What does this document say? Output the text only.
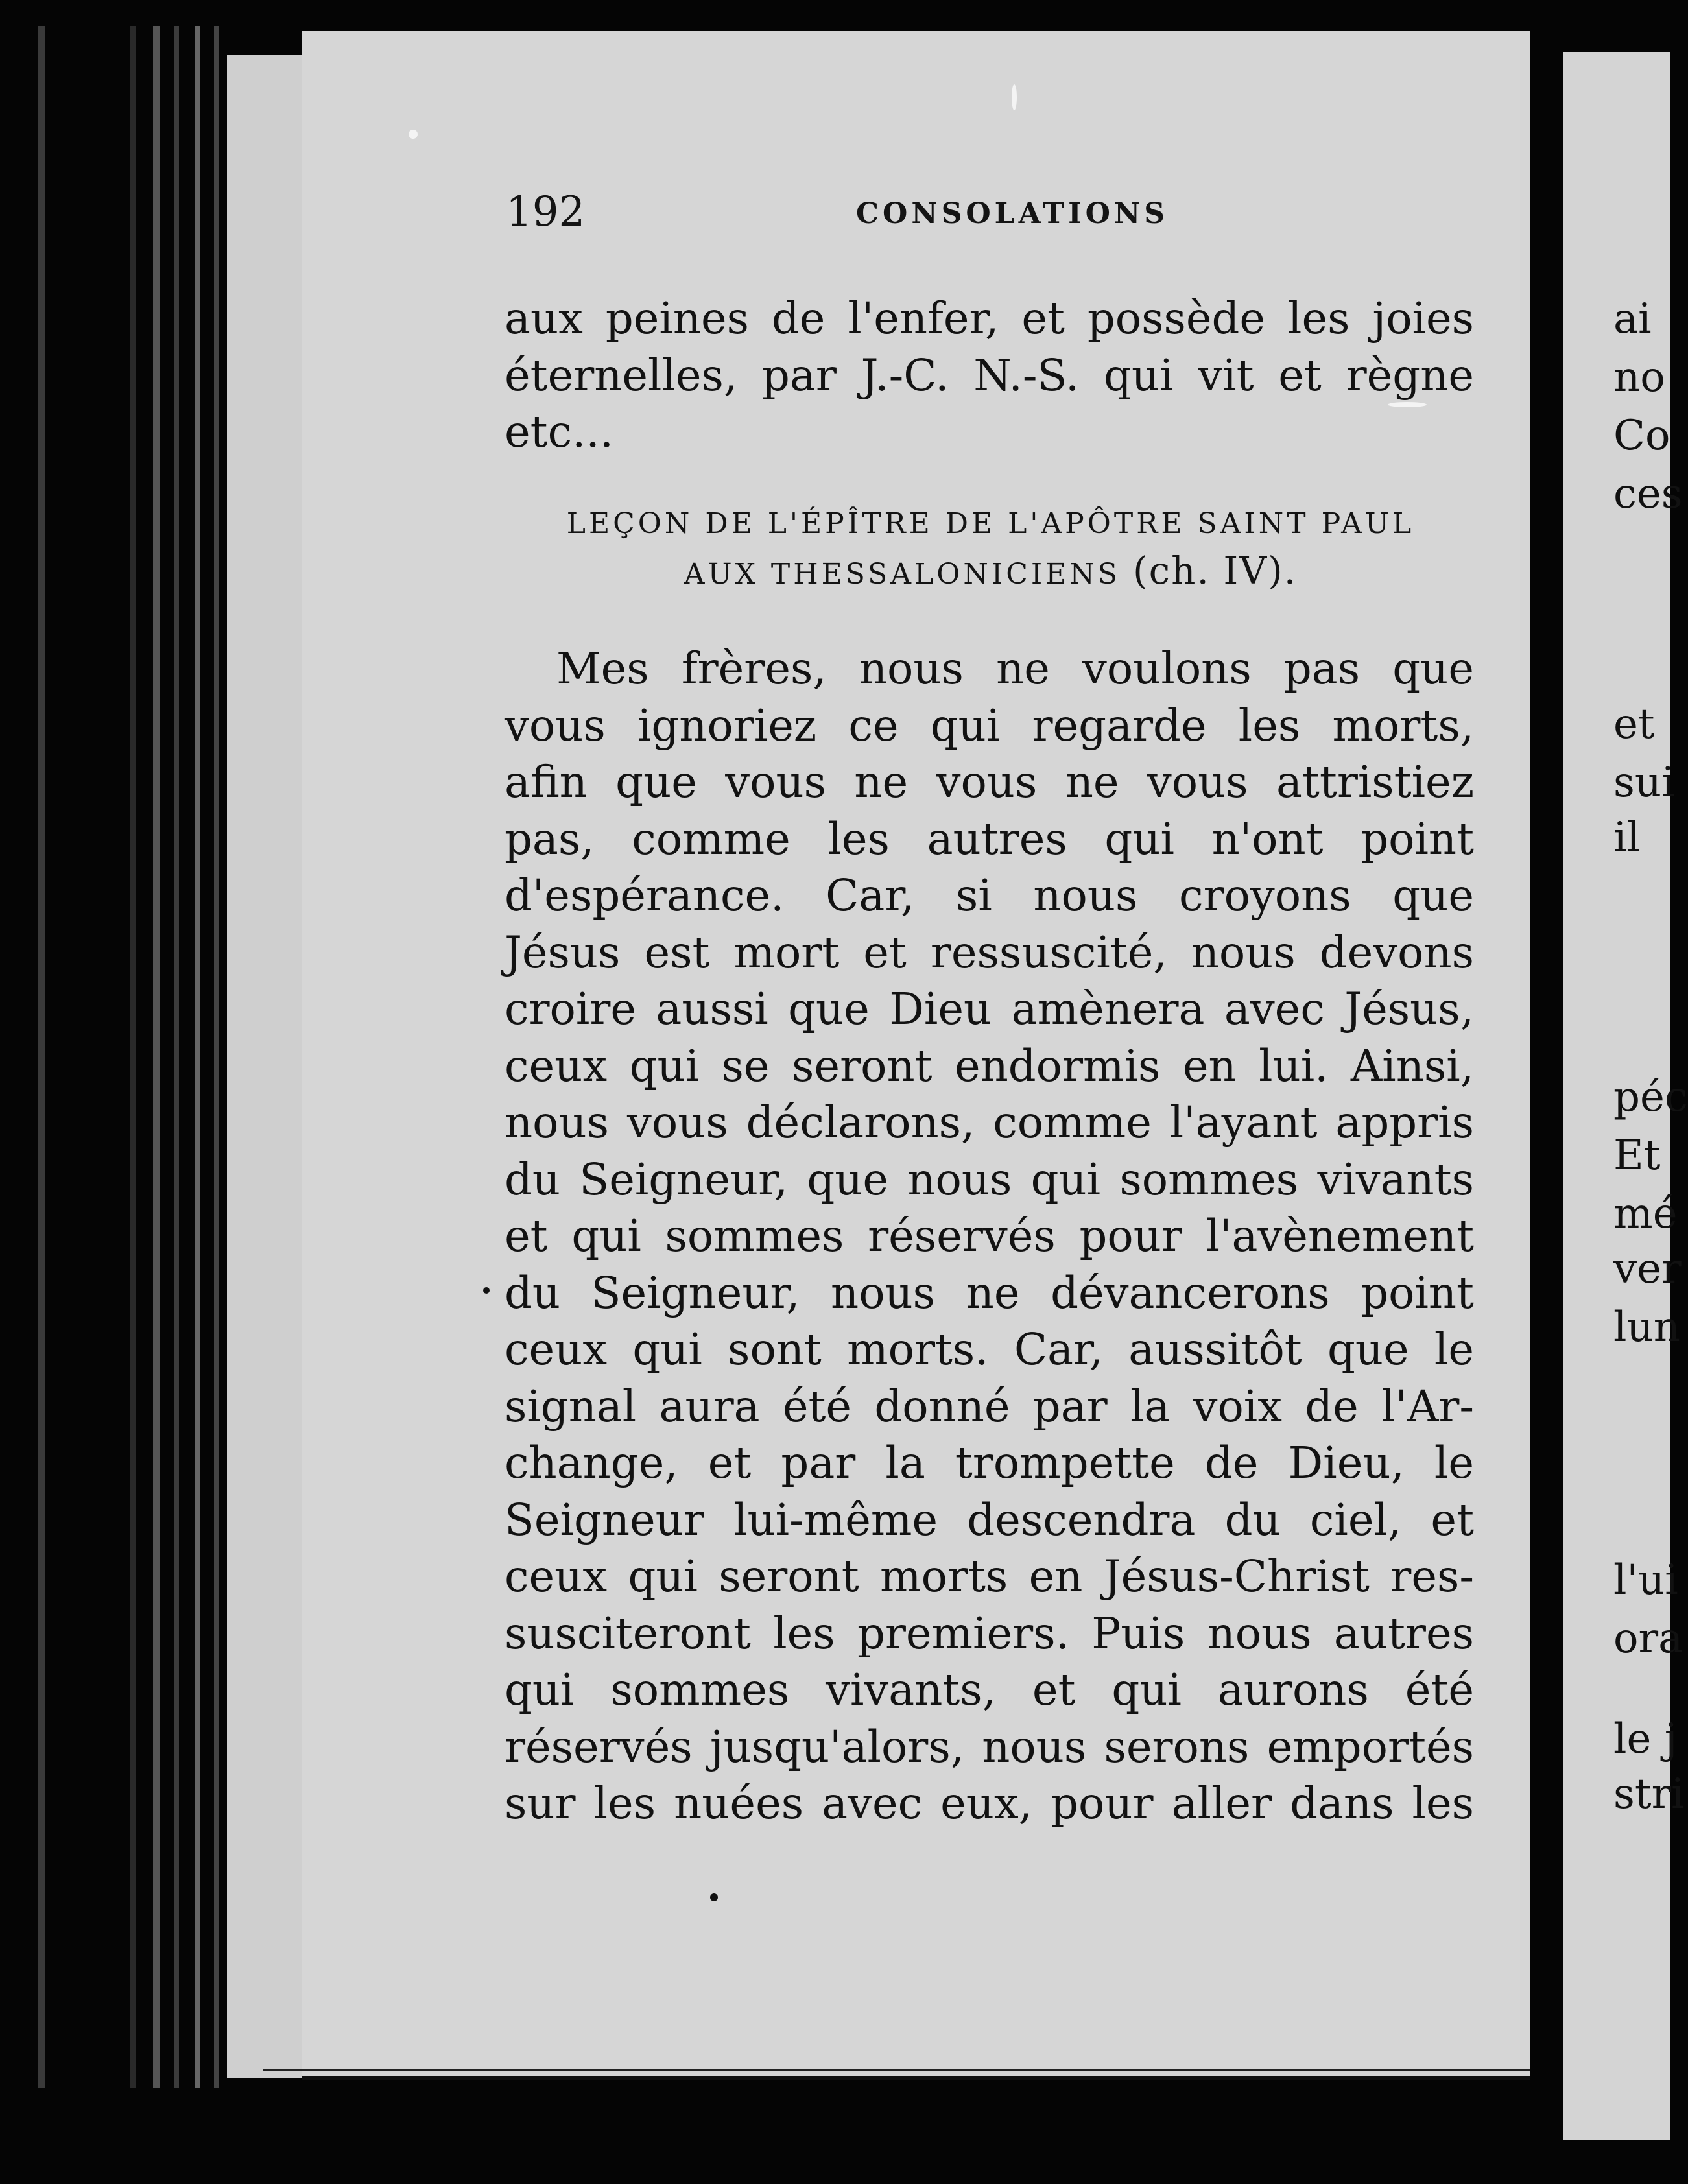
ai
no
Co
ces
et
sui
il
péc
Et
mé
ver
lun
l'ui
ora
le j
stri
192	CONSOLATIONS
aux peines de l'enfer, et possède les joies
éternelles, par J.-C. N.-S. qui vit et règne
etc...
LEÇON DE L'ÉPÎTRE DE L'APÔTRE SAINT PAUL
AUX THESSALONICIENS (ch. IV).
Mes frères, nous ne voulons pas que
vous ignoriez ce qui regarde les morts,
afin que vous ne vous ne vous attristiez
pas, comme les autres qui n'ont point
d'espérance. Car, si nous croyons que
Jésus est mort et ressuscité, nous devons
croire aussi que Dieu amènera avec Jésus,
ceux qui se seront endormis en lui. Ainsi,
nous vous déclarons, comme l'ayant appris
du Seigneur, que nous qui sommes vivants
et qui sommes réservés pour l'avènement
du Seigneur, nous ne dévancerons point
ceux qui sont morts. Car, aussitôt que le
signal aura été donné par la voix de l'Ar-
change, et par la trompette de Dieu, le
Seigneur lui-même descendra du ciel, et
ceux qui seront morts en Jésus-Christ res-
susciteront les premiers. Puis nous autres
qui sommes vivants, et qui aurons été
réservés jusqu'alors, nous serons emportés
sur les nuées avec eux, pour aller dans les
